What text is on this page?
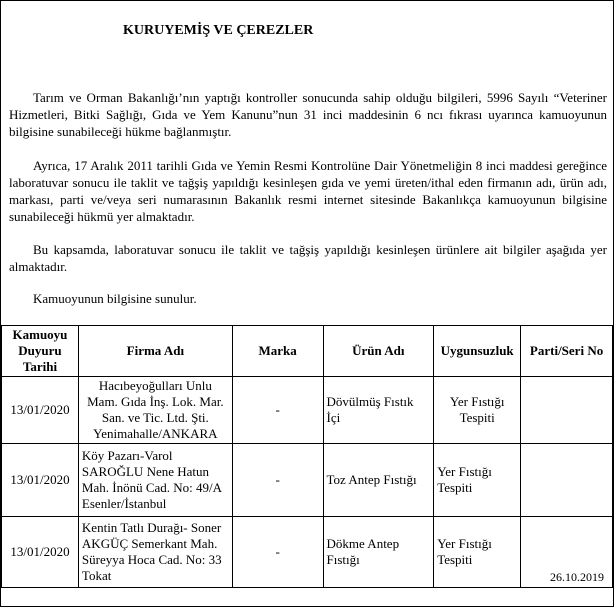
KURUYEMİŞ VE ÇEREZLER
Tarım ve Orman Bakanlığı’nın yaptığı kontroller sonucunda sahip olduğu bilgileri, 5996 Sayılı “Veteriner Hizmetleri, Bitki Sağlığı, Gıda ve Yem Kanunu”nun 31 inci maddesinin 6 ncı fıkrası uyarınca kamuoyunun bilgisine sunabileceği hükme bağlanmıştır.
Ayrıca, 17 Aralık 2011 tarihli Gıda ve Yemin Resmi Kontrolüne Dair Yönetmeliğin 8 inci maddesi gereğince laboratuvar sonucu ile taklit ve tağşiş yapıldığı kesinleşen gıda ve yemi üreten/ithal eden firmanın adı, ürün adı, markası, parti ve/veya seri numarasının Bakanlık resmi internet sitesinde Bakanlıkça kamuoyunun bilgisine sunabileceği hükmü yer almaktadır.
Bu kapsamda, laboratuvar sonucu ile taklit ve tağşiş yapıldığı kesinleşen ürünlere ait bilgiler aşağıda yer almaktadır.
Kamuoyunun bilgisine sunulur.
Kamuoyu Duyuru Tarihi	Firma Adı	Marka	Ürün Adı	Uygunsuzluk	Parti/Seri No
13/01/2020	Hacıbeyoğulları Unlu Mam. Gıda İnş. Lok. Mar. San. ve Tic. Ltd. Şti. Yenimahalle/ANKARA	-	Dövülmüş Fıstık İçi	Yer Fıstığı Tespiti	
13/01/2020	Köy Pazarı-Varol SAROĞLU Nene Hatun Mah. İnönü Cad. No: 49/A Esenler/İstanbul	-	Toz Antep Fıstığı	Yer Fıstığı Tespiti	
13/01/2020	Kentin Tatlı Durağı- Soner AKGÜÇ Semerkant Mah. Süreyya Hoca Cad. No: 33 Tokat	-	Dökme Antep Fıstığı	Yer Fıstığı Tespiti	26.10.2019
